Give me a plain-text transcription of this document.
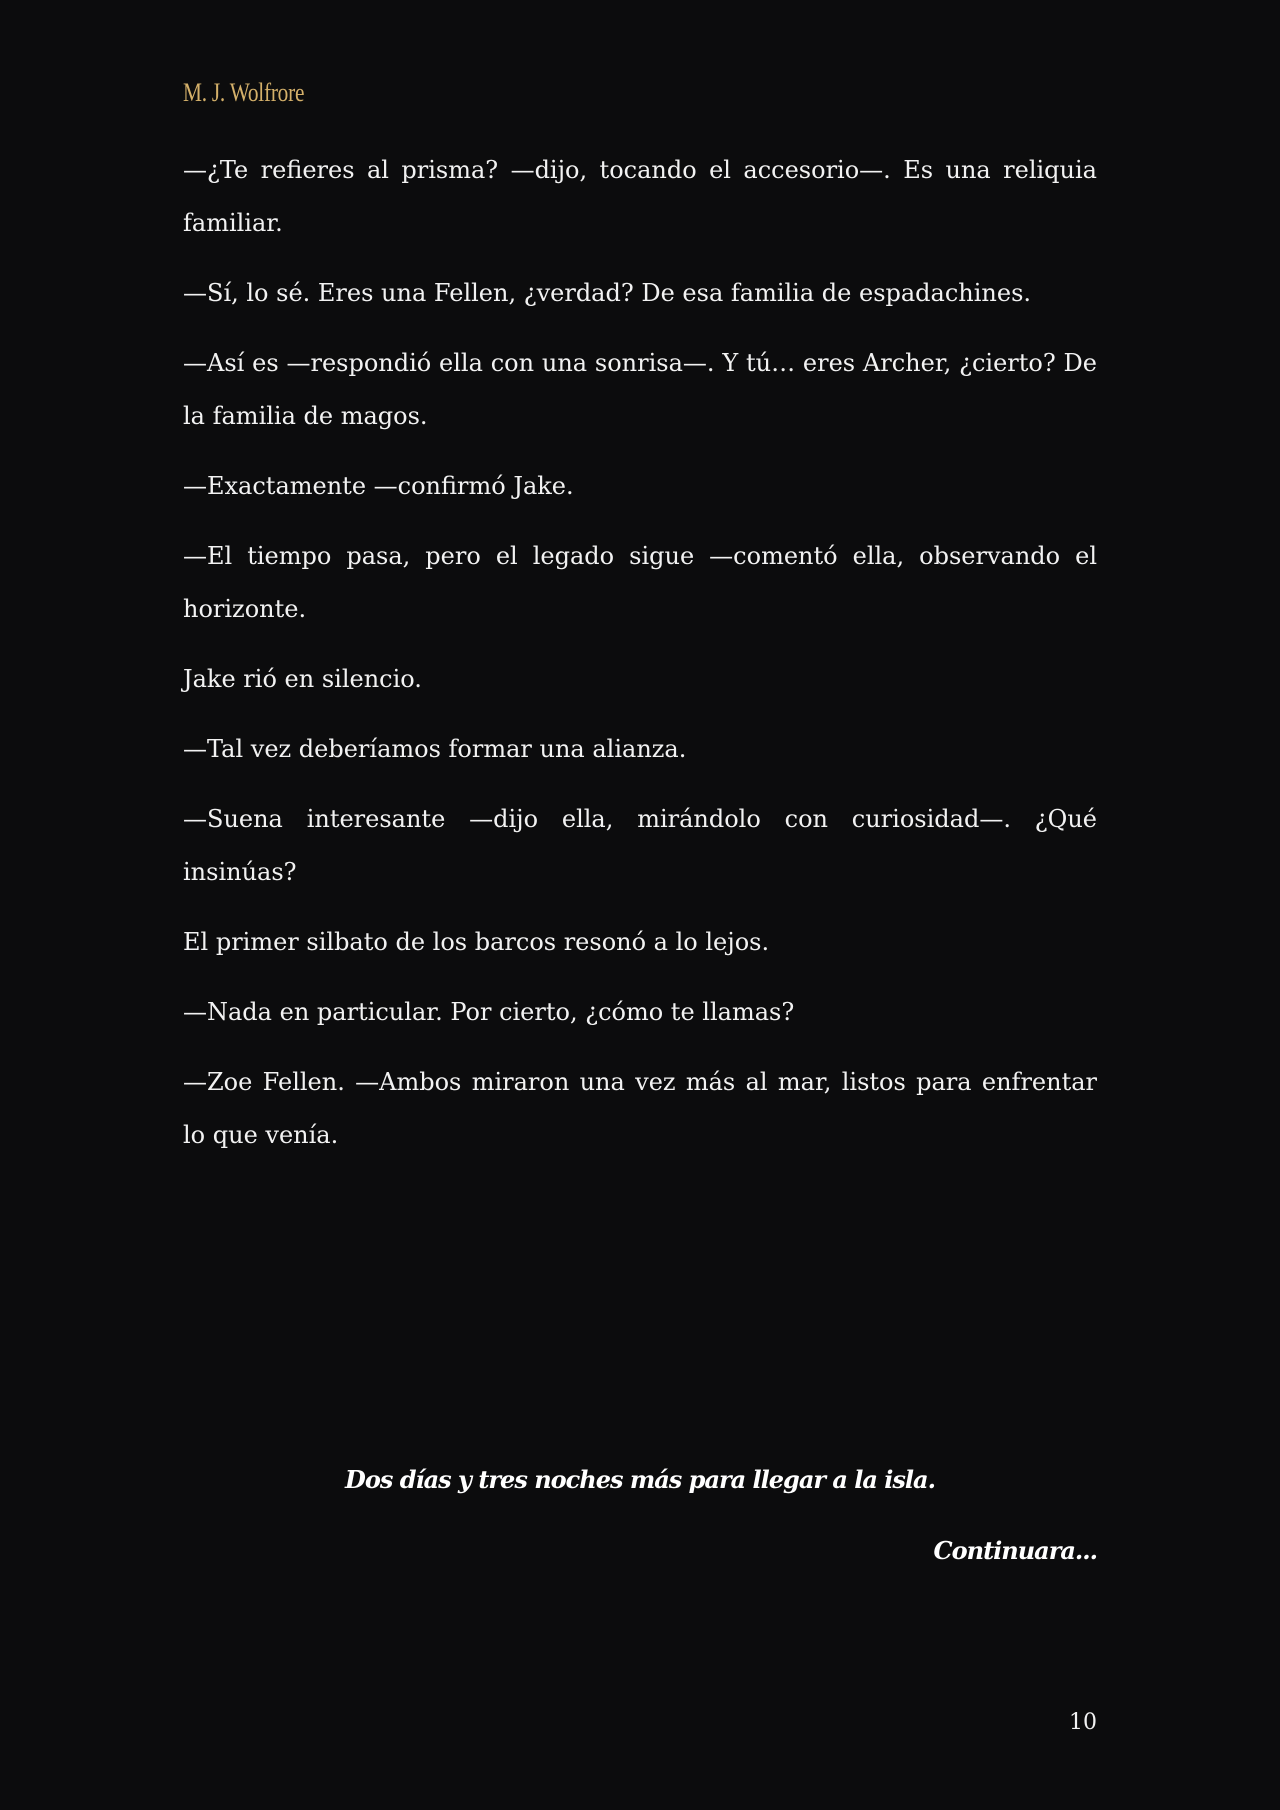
M. J. Wolfrore

—¿Te refieres al prisma? —dijo, tocando el accesorio—. Es una reliquia familiar.

—Sí, lo sé. Eres una Fellen, ¿verdad? De esa familia de espadachines.

—Así es —respondió ella con una sonrisa—. Y tú… eres Archer, ¿cierto? De la familia de magos.

—Exactamente —confirmó Jake.

—El tiempo pasa, pero el legado sigue —comentó ella, observando el horizonte.

Jake rió en silencio.

—Tal vez deberíamos formar una alianza.

—Suena interesante —dijo ella, mirándolo con curiosidad—. ¿Qué insinúas?

El primer silbato de los barcos resonó a lo lejos.

—Nada en particular. Por cierto, ¿cómo te llamas?

—Zoe Fellen. —Ambos miraron una vez más al mar, listos para enfrentar lo que venía.

Dos días y tres noches más para llegar a la isla.
Continuara...
10
